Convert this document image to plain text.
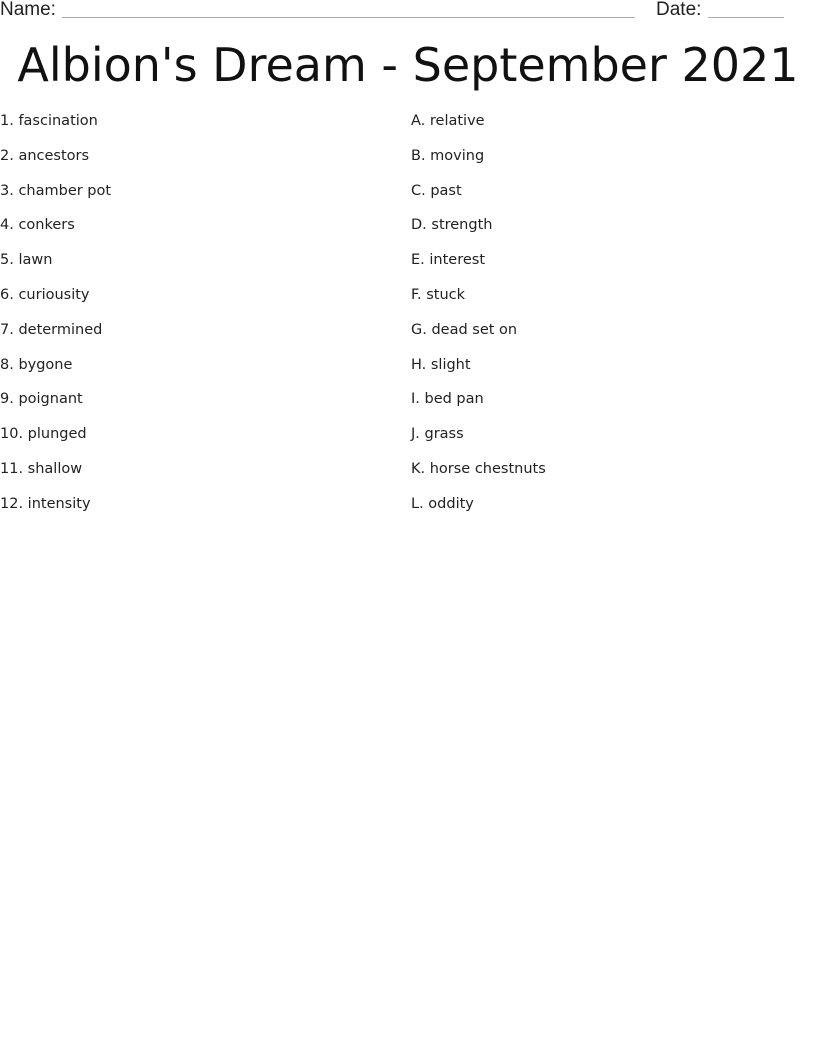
Name:	Date:
Albion's Dream - September 2021
1. fascination
2. ancestors
3. chamber pot
4. conkers
5. lawn
6. curiousity
7. determined
8. bygone
9. poignant
10. plunged
11. shallow
12. intensity
A. relative
B. moving
C. past
D. strength
E. interest
F. stuck
G. dead set on
H. slight
I. bed pan
J. grass
K. horse chestnuts
L. oddity
